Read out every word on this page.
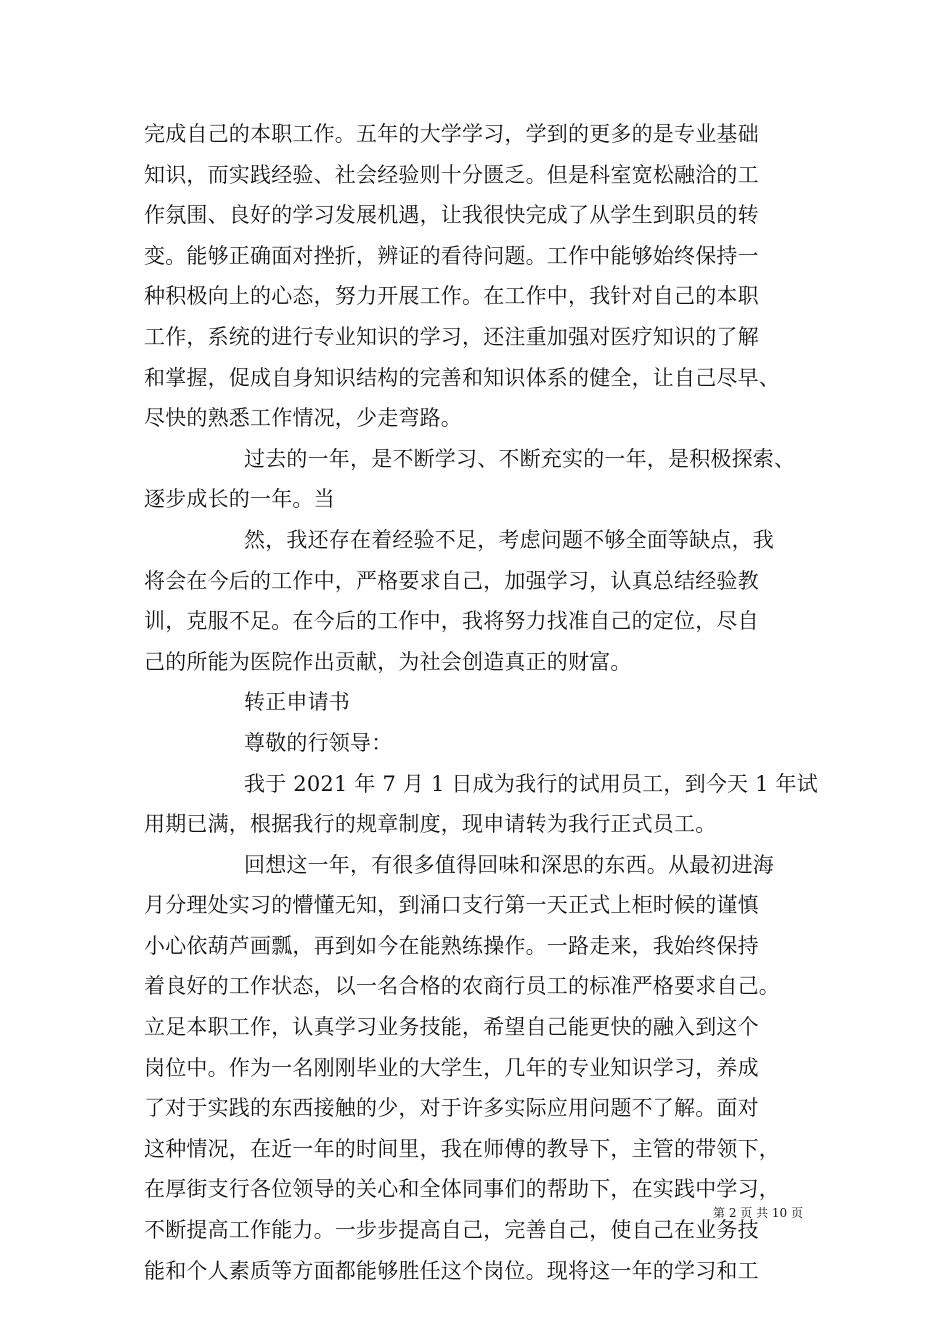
完成自己的本职工作。五年的大学学习，学到的更多的是专业基础
知识，而实践经验、社会经验则十分匮乏。但是科室宽松融洽的工
作氛围、良好的学习发展机遇，让我很快完成了从学生到职员的转
变。能够正确面对挫折，辨证的看待问题。工作中能够始终保持一
种积极向上的心态，努力开展工作。在工作中，我针对自己的本职
工作，系统的进行专业知识的学习，还注重加强对医疗知识的了解
和掌握，促成自身知识结构的完善和知识体系的健全，让自己尽早、
尽快的熟悉工作情况，少走弯路。
过去的一年，是不断学习、不断充实的一年，是积极探索、
逐步成长的一年。当
然，我还存在着经验不足，考虑问题不够全面等缺点，我
将会在今后的工作中，严格要求自己，加强学习，认真总结经验教
训，克服不足。在今后的工作中，我将努力找准自己的定位，尽自
己的所能为医院作出贡献，为社会创造真正的财富。
转正申请书
尊敬的行领导：
我于 2021 年 7 月 1 日成为我行的试用员工，到今天 1 年试
用期已满，根据我行的规章制度，现申请转为我行正式员工。
回想这一年，有很多值得回味和深思的东西。从最初进海
月分理处实习的懵懂无知，到涌口支行第一天正式上柜时候的谨慎
小心依葫芦画瓢，再到如今在能熟练操作。一路走来，我始终保持
着良好的工作状态，以一名合格的农商行员工的标准严格要求自己。
立足本职工作，认真学习业务技能，希望自己能更快的融入到这个
岗位中。作为一名刚刚毕业的大学生，几年的专业知识学习，养成
了对于实践的东西接触的少，对于许多实际应用问题不了解。面对
这种情况，在近一年的时间里，我在师傅的教导下，主管的带领下，
在厚街支行各位领导的关心和全体同事们的帮助下，在实践中学习，
不断提高工作能力。一步步提高自己，完善自己，使自己在业务技
能和个人素质等方面都能够胜任这个岗位。现将这一年的学习和工
第 2 页 共 10 页
